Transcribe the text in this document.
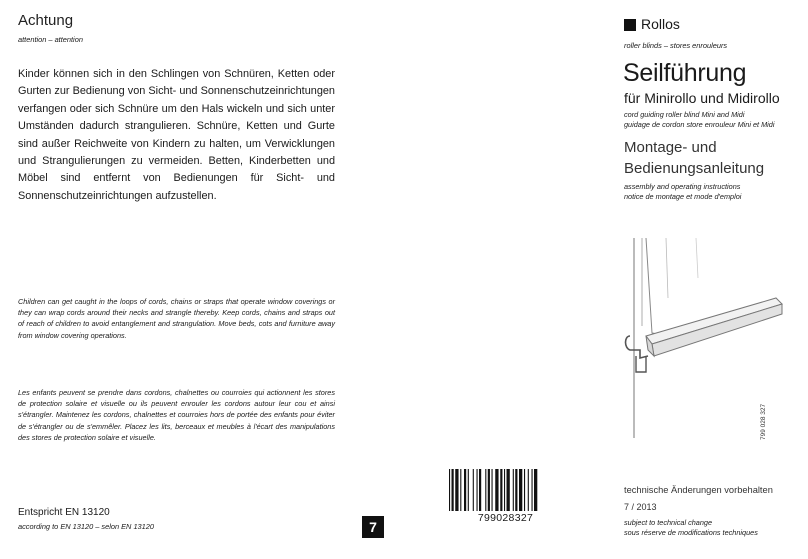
Achtung
attention – attention
Kinder können sich in den Schlingen von Schnüren, Ketten oder Gurten zur Bedienung von Sicht- und Sonnenschutzeinrichtungen verfangen oder sich Schnüre um den Hals wickeln und sich unter Umständen dadurch strangulieren. Schnüre, Ketten und Gurte sind außer Reichweite von Kindern zu halten, um Verwicklungen und Strangulierungen zu vermeiden. Betten, Kinderbetten und Möbel sind entfernt von Bedienungen für Sicht- und Sonnenschutzeinrichtungen aufzustellen.
Children can get caught in the loops of cords, chains or straps that operate window coverings or they can wrap cords around their necks and strangle thereby. Keep cords, chains and straps out of reach of children to avoid entanglement and strangulation. Move beds, cots and furniture away from window covering operations.
Les enfants peuvent se prendre dans cordons, chalnettes ou courroies qui actionnent les stores de protection solaire et visuelle ou ils peuvent enrouler les cordons autour leur cou et ainsi s'étrangler. Maintenez les cordons, chalnettes et courroies hors de portée des enfants pour éviter de s'étrangler ou de s'emmêler. Placez les lits, berceaux et meubles à l'écart des manipulations des stores de protection solaire et visuelle.
Entspricht EN 13120
according to EN 13120 – selon EN 13120	7
799028327
Rollos
roller blinds – stores enrouleurs
Seilführung
für Minirollo und Midirollo
cord guiding roller blind Mini and Midi
guidage de cordon store enrouleur Mini et Midi
Montage- und
Bedienungsanleitung
assembly and operating instructions
notice de montage et mode d'emploi
799 028 327
technische Änderungen vorbehalten
7 / 2013
subject to technical change
sous réserve de modifications techniques
